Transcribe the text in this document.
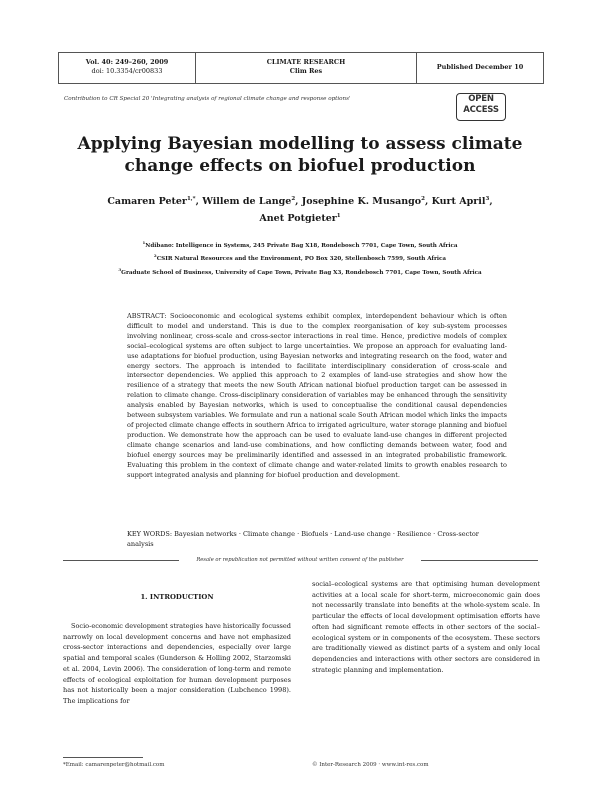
Vol. 40: 249–260, 2009
doi: 10.3354/cr00833
CLIMATE RESEARCH
Clim Res	Published December 10
Contribution to CR Special 20 'Integrating analysis of regional climate change and response options'	OPEN
ACCESS
Applying Bayesian modelling to assess climate
change effects on biofuel production
Camaren Peter$^{1,*}$, Willem de Lange$^2$, Josephine K. Musango$^2$, Kurt April$^3$,
Anet Potgieter$^1$
$^1$Ndibano: Intelligence in Systems, 245 Private Bag X18, Rondebosch 7701, Cape Town, South Africa
$^2$CSIR Natural Resources and the Environment, PO Box 320, Stellenbosch 7599, South Africa
$^3$Graduate School of Business, University of Cape Town, Private Bag X3, Rondebosch 7701, Cape Town, South Africa
ABSTRACT: Socioeconomic and ecological systems exhibit complex, interdependent behaviour which is often difficult to model and understand. This is due to the complex reorganisation of key sub-system processes involving nonlinear, cross-scale and cross-sector interactions in real time. Hence, predictive models of complex social–ecological systems are often subject to large uncertainties. We propose an approach for evaluating land-use adaptations for biofuel production, using Bayesian networks and integrating research on the food, water and energy sectors. The approach is intended to facilitate interdisciplinary consideration of cross-scale and intersector dependencies. We applied this approach to 2 examples of land-use strategies and show how the resilience of a strategy that meets the new South African national biofuel production target can be assessed in relation to climate change. Cross-disciplinary consideration of variables may be enhanced through the sensitivity analysis enabled by Bayesian networks, which is used to conceptualise the conditional causal dependencies between subsystem variables. We formulate and run a national scale South African model which links the impacts of projected climate change effects in southern Africa to irrigated agriculture, water storage planning and biofuel production. We demonstrate how the approach can be used to evaluate land-use changes in different projected climate change scenarios and land-use combinations, and how conflicting demands between water, food and biofuel energy sources may be preliminarily identified and assessed in an integrated probabilistic framework. Evaluating this problem in the context of climate change and water-related limits to growth enables research to support integrated analysis and planning for biofuel production and development.
KEY WORDS: Bayesian networks · Climate change · Biofuels · Land-use change · Resilience · Cross-sector analysis
Resale or republication not permitted without written consent of the publisher
1. INTRODUCTION

Socio-economic development strategies have historically focussed narrowly on local development concerns and have not emphasized cross-sector interactions and dependencies, especially over large spatial and temporal scales (Gunderson & Holling 2002, Starzomski et al. 2004, Levin 2006). The consideration of long-term and remote effects of ecological exploitation for human development purposes has not historically been a major consideration (Lubchenco 1998). The implications for

social–ecological systems are that optimising human development activities at a local scale for short-term, microeconomic gain does not necessarily translate into benefits at the whole-system scale. In particular the effects of local development optimisation efforts have often had significant remote effects in other sectors of the social–ecological system or in components of the ecosystem. These sectors are traditionally viewed as distinct parts of a system and only local dependencies and interactions with other sectors are considered in strategic planning and implementation.

*Email: camarenpeter@hotmail.com	© Inter-Research 2009 · www.int-res.com
